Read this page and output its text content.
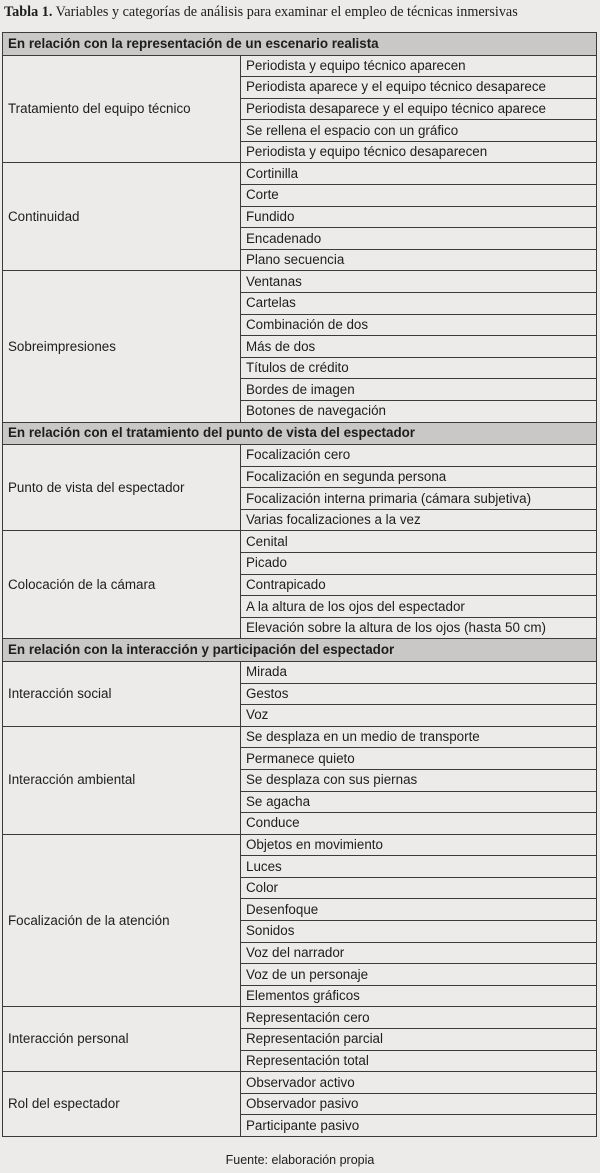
Tabla 1. Variables y categorías de análisis para examinar el empleo de técnicas inmersivas
En relación con la representación de un escenario realista	
Tratamiento del equipo técnico	Periodista y equipo técnico aparecen
	Periodista aparece y el equipo técnico desaparece
	Periodista desaparece y el equipo técnico aparece
	Se rellena el espacio con un gráfico
	Periodista y equipo técnico desaparecen
Continuidad	Cortinilla
	Corte
	Fundido
	Encadenado
	Plano secuencia
Sobreimpresiones	Ventanas
	Cartelas
	Combinación de dos
	Más de dos
	Títulos de crédito
	Bordes de imagen
	Botones de navegación
En relación con el tratamiento del punto de vista del espectador	
Punto de vista del espectador	Focalización cero
	Focalización en segunda persona
	Focalización interna primaria (cámara subjetiva)
	Varias focalizaciones a la vez
Colocación de la cámara	Cenital
	Picado
	Contrapicado
	A la altura de los ojos del espectador
	Elevación sobre la altura de los ojos (hasta 50 cm)
En relación con la interacción y participación del espectador	
Interacción social	Mirada
	Gestos
	Voz
Interacción ambiental	Se desplaza en un medio de transporte
	Permanece quieto
	Se desplaza con sus piernas
	Se agacha
	Conduce
Focalización de la atención	Objetos en movimiento
	Luces
	Color
	Desenfoque
	Sonidos
	Voz del narrador
	Voz de un personaje
	Elementos gráficos
Interacción personal	Representación cero
	Representación parcial
	Representación total
Rol del espectador	Observador activo
	Observador pasivo
	Participante pasivo
Fuente: elaboración propia
